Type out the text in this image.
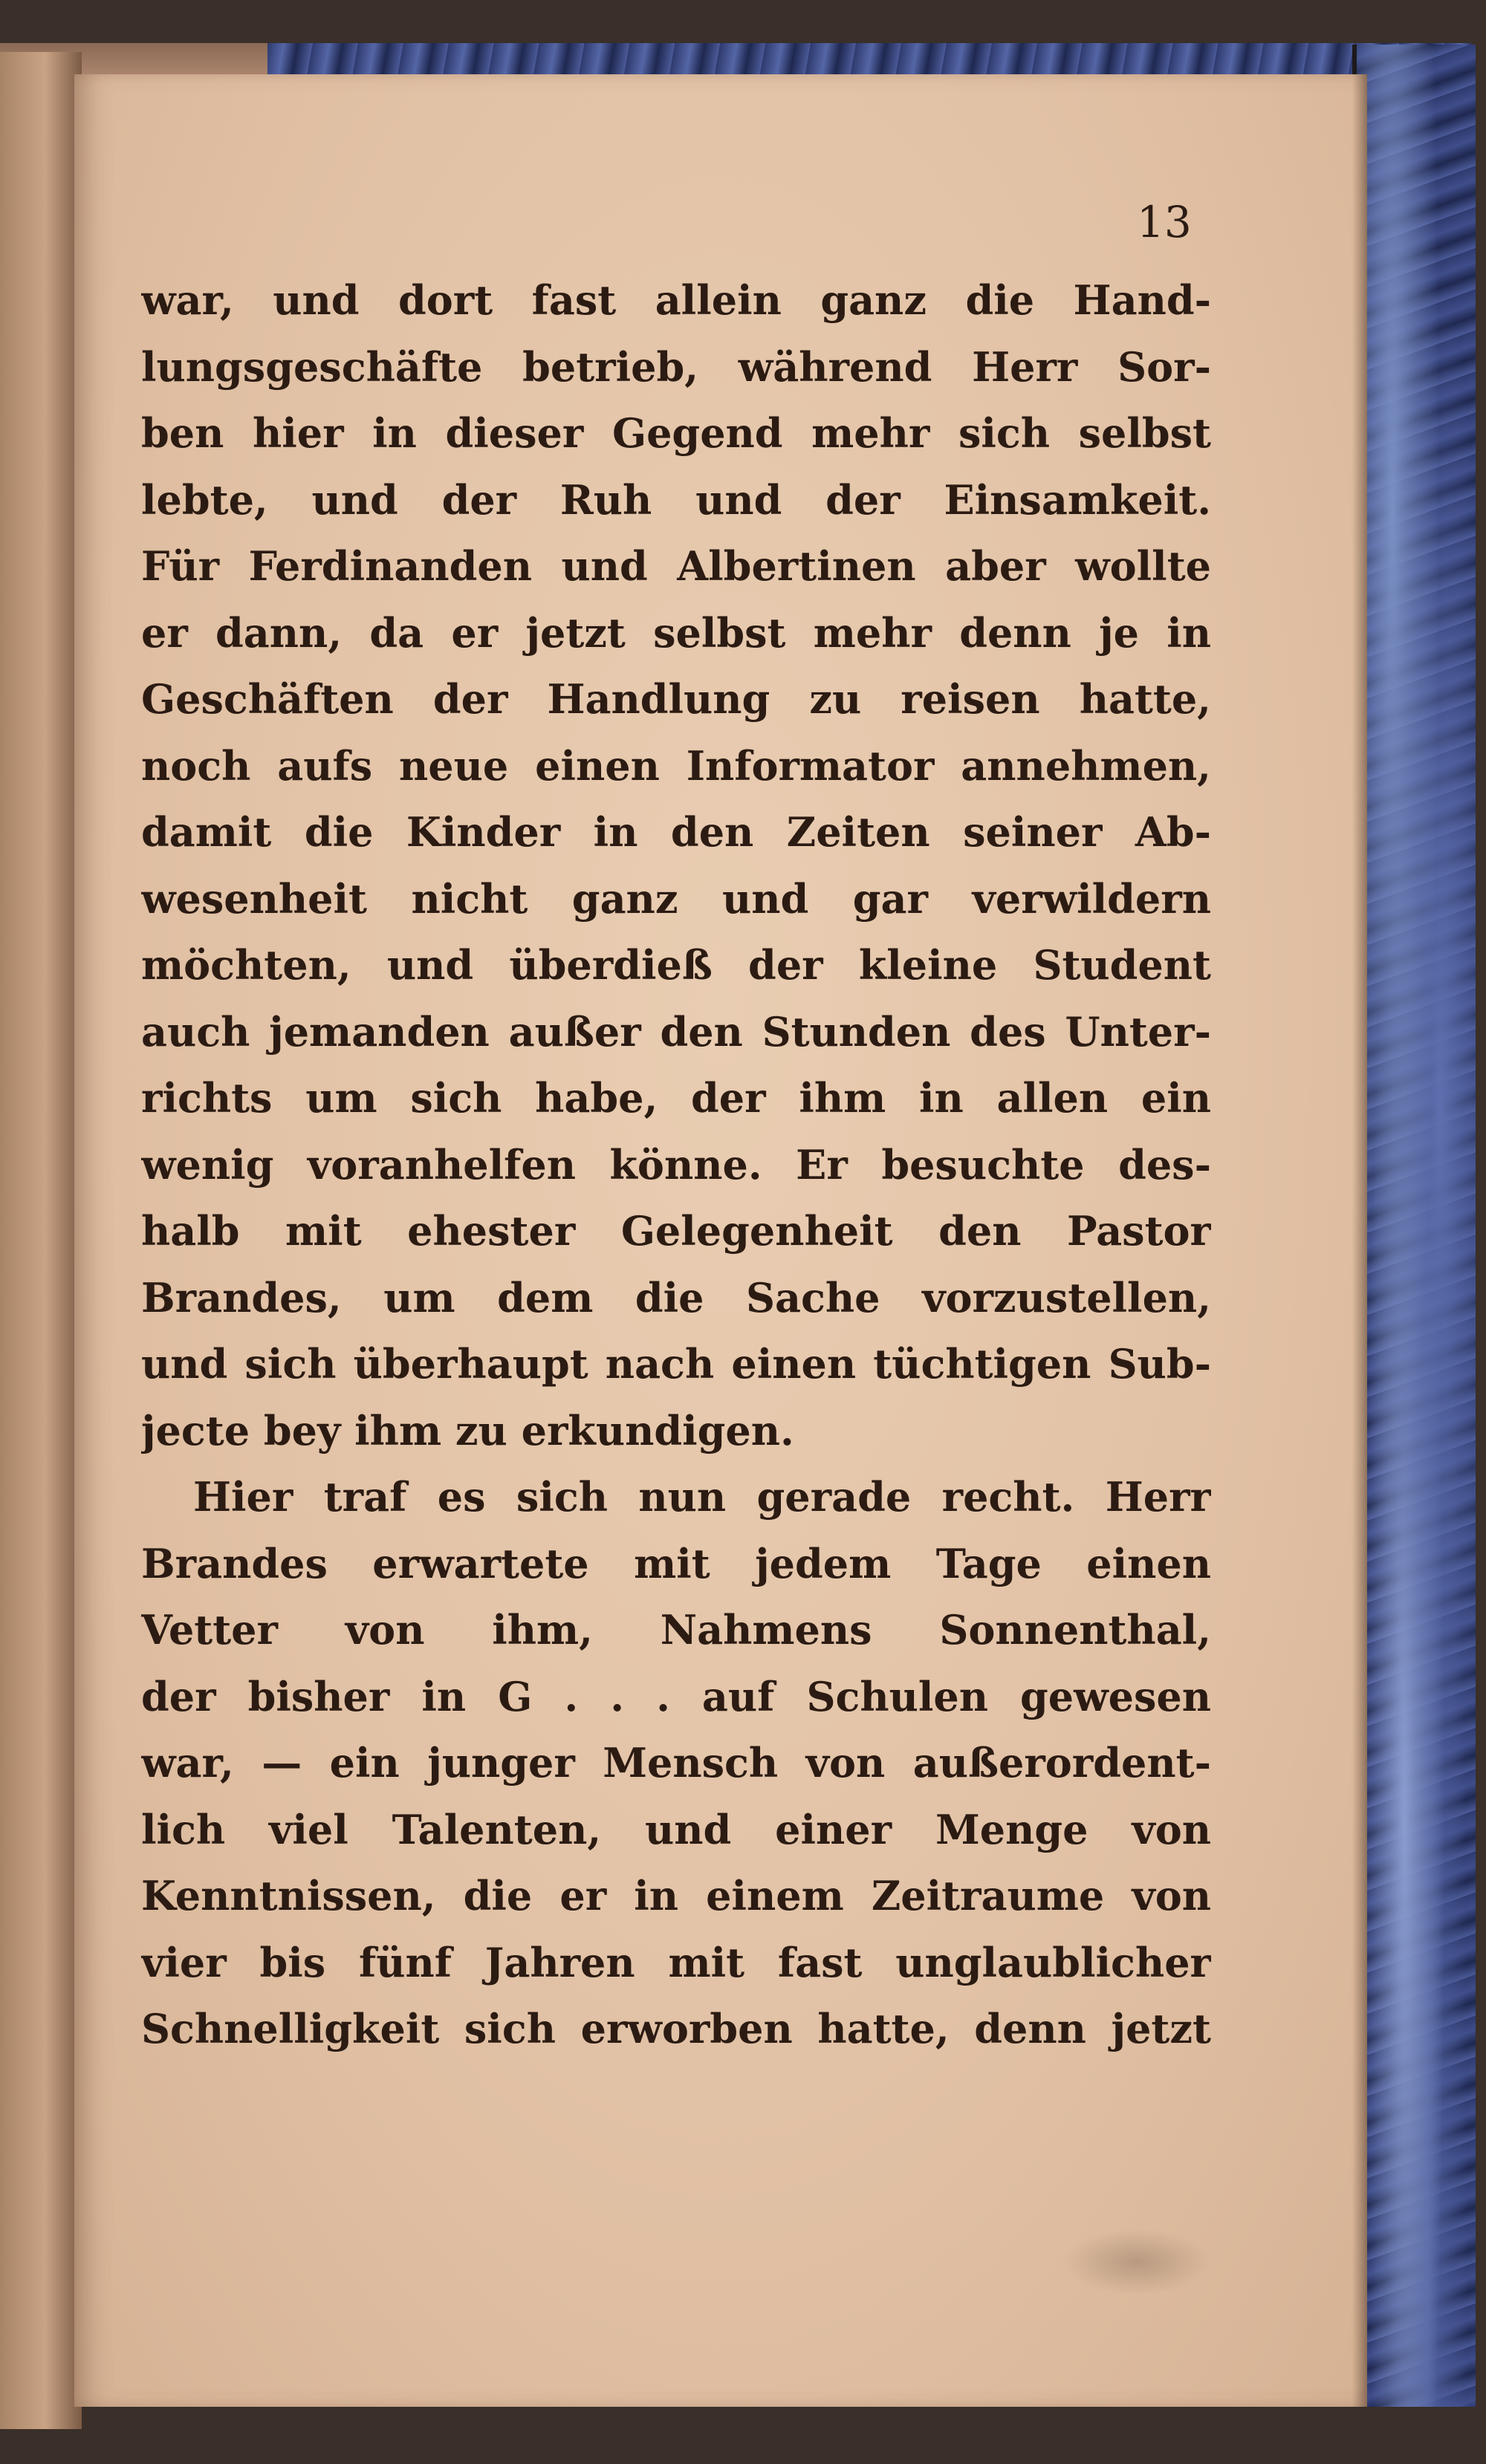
13

war, und dort fast allein ganz die Hand-
lungsgeschäfte betrieb, während Herr Sor-
ben hier in dieser Gegend mehr sich selbst
lebte, und der Ruh und der Einsamkeit.
Für Ferdinanden und Albertinen aber wollte
er dann, da er jetzt selbst mehr denn je in
Geschäften der Handlung zu reisen hatte,
noch aufs neue einen Informator annehmen,
damit die Kinder in den Zeiten seiner Ab-
wesenheit nicht ganz und gar verwildern
möchten, und überdieß der kleine Student
auch jemanden außer den Stunden des Unter-
richts um sich habe, der ihm in allen ein
wenig voranhelfen könne. Er besuchte des-
halb mit ehester Gelegenheit den Pastor
Brandes, um dem die Sache vorzustellen,
und sich überhaupt nach einen tüchtigen Sub-
jecte bey ihm zu erkundigen.
Hier traf es sich nun gerade recht. Herr
Brandes erwartete mit jedem Tage einen
Vetter von ihm, Nahmens Sonnenthal,
der bisher in G . . . auf Schulen gewesen
war, — ein junger Mensch von außerordent-
lich viel Talenten, und einer Menge von
Kenntnissen, die er in einem Zeitraume von
vier bis fünf Jahren mit fast unglaublicher
Schnelligkeit sich erworben hatte, denn jetzt
